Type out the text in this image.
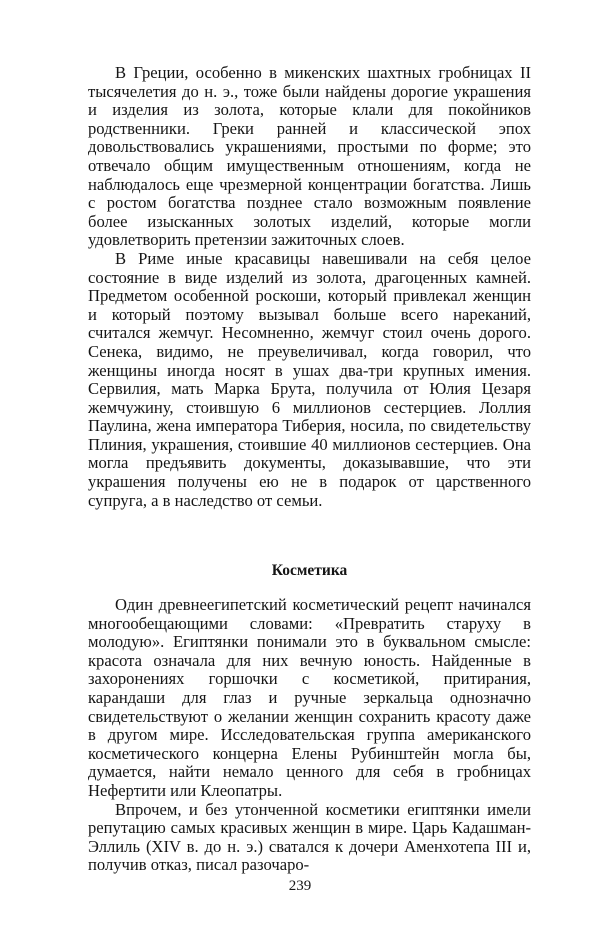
В Греции, особенно в микенских шахтных гробницах II тысячелетия до н. э., тоже были найдены дорогие украшения и изделия из золота, которые клали для покойников родственники. Греки ранней и классической эпох довольствовались украшениями, простыми по форме; это отвечало общим имущественным отношениям, когда не наблюдалось еще чрезмерной концентрации богатства. Лишь с ростом богатства позднее стало возможным появление более изысканных золотых изделий, которые могли удовлетворить претензии зажиточных слоев.

В Риме иные красавицы навешивали на себя целое состояние в виде изделий из золота, драгоценных камней. Предметом особенной роскоши, который привлекал женщин и который поэтому вызывал больше всего нареканий, считался жемчуг. Несомненно, жемчуг стоил очень дорого. Сенека, видимо, не преувеличивал, когда говорил, что женщины иногда носят в ушах два-три крупных имения. Сервилия, мать Марка Брута, получила от Юлия Цезаря жемчужину, стоившую 6 миллионов сестерциев. Лоллия Паулина, жена императора Тиберия, носила, по свидетельству Плиния, украшения, стоившие 40 миллионов сестерциев. Она могла предъявить документы, доказывавшие, что эти украшения получены ею не в подарок от царственного супруга, а в наследство от семьи.

Косметика

Один древнеегипетский косметический рецепт начинался многообещающими словами: «Превратить старуху в молодую». Египтянки понимали это в буквальном смысле: красота означала для них вечную юность. Найденные в захоронениях горшочки с косметикой, притирания, карандаши для глаз и ручные зеркальца однозначно свидетельствуют о желании женщин сохранить красоту даже в другом мире. Исследовательская группа американского косметического концерна Елены Рубинштейн могла бы, думается, найти немало ценного для себя в гробницах Нефертити или Клеопатры.

Впрочем, и без утонченной косметики египтянки имели репутацию самых красивых женщин в мире. Царь Кадашман-Эллиль (XIV в. до н. э.) сватался к дочери Аменхотепа III и, получив отказ, писал разочаро-

239
